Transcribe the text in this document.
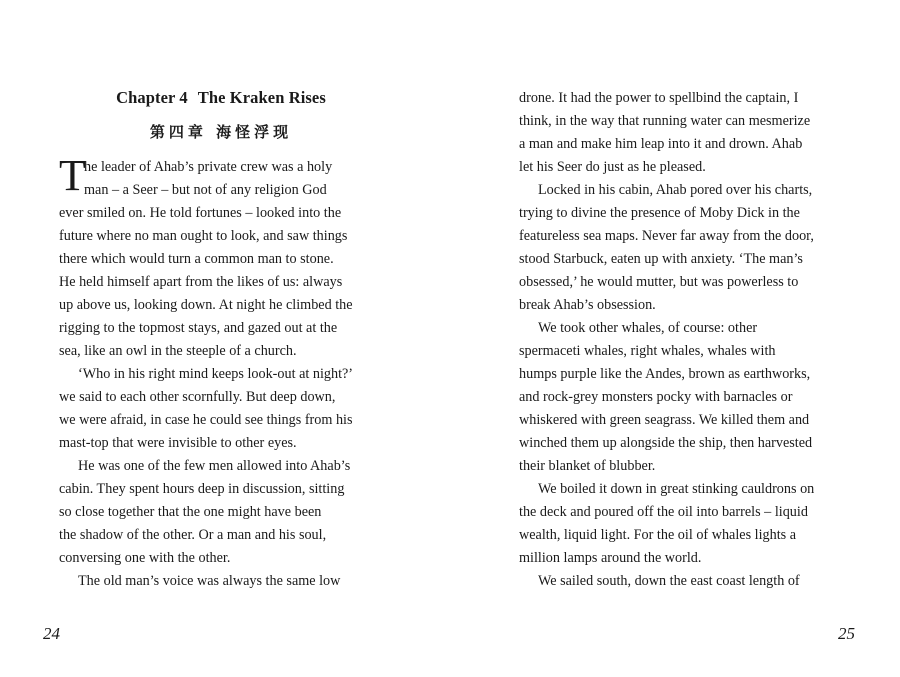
Chapter 4 The Kraken Rises
第四章 海怪浮现
T
he leader of Ahab’s private crew was a holy
man – a Seer – but not of any religion God
ever smiled on. He told fortunes – looked into the
future where no man ought to look, and saw things
there which would turn a common man to stone.
He held himself apart from the likes of us: always
up above us, looking down. At night he climbed the
rigging to the topmost stays, and gazed out at the
sea, like an owl in the steeple of a church.
‘Who in his right mind keeps look-out at night?’
we said to each other scornfully. But deep down,
we were afraid, in case he could see things from his
mast-top that were invisible to other eyes.
He was one of the few men allowed into Ahab’s
cabin. They spent hours deep in discussion, sitting
so close together that the one might have been
the shadow of the other. Or a man and his soul,
conversing one with the other.
The old man’s voice was always the same low
drone. It had the power to spellbind the captain, I
think, in the way that running water can mesmerize
a man and make him leap into it and drown. Ahab
let his Seer do just as he pleased.
Locked in his cabin, Ahab pored over his charts,
trying to divine the presence of Moby Dick in the
featureless sea maps. Never far away from the door,
stood Starbuck, eaten up with anxiety. ‘The man’s
obsessed,’ he would mutter, but was powerless to
break Ahab’s obsession.
We took other whales, of course: other
spermaceti whales, right whales, whales with
humps purple like the Andes, brown as earthworks,
and rock-grey monsters pocky with barnacles or
whiskered with green seagrass. We killed them and
winched them up alongside the ship, then harvested
their blanket of blubber.
We boiled it down in great stinking cauldrons on
the deck and poured off the oil into barrels – liquid
wealth, liquid light. For the oil of whales lights a
million lamps around the world.
We sailed south, down the east coast length of
24	25
